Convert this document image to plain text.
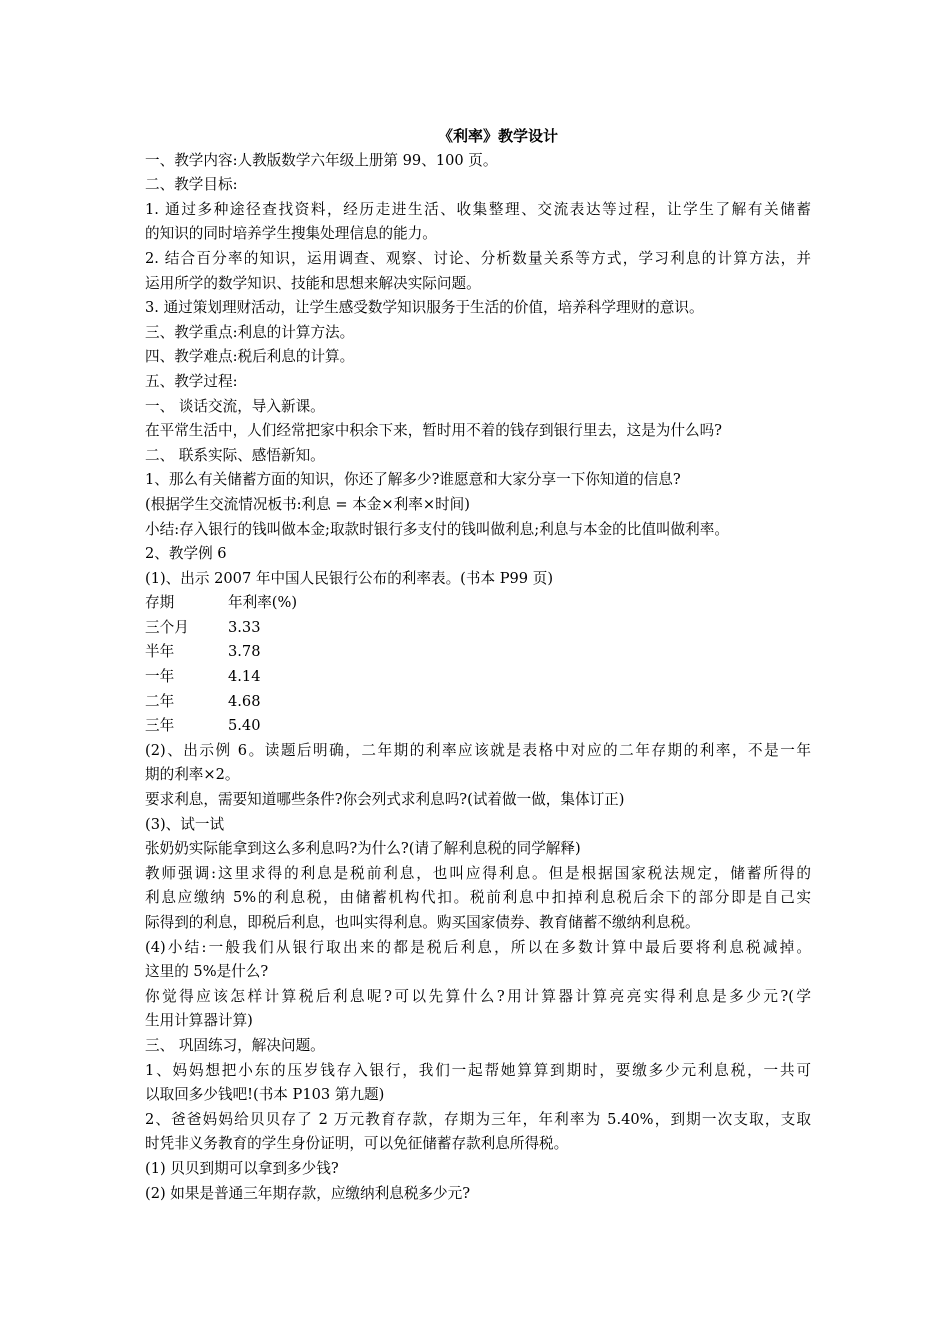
《利率》教学设计
一、教学内容:人教版数学六年级上册第 99、100 页。
二、教学目标:
1. 通过多种途径查找资料，经历走进生活、收集整理、交流表达等过程，让学生了解有关储蓄
的知识的同时培养学生搜集处理信息的能力。
2. 结合百分率的知识，运用调查、观察、讨论、分析数量关系等方式，学习利息的计算方法，并
运用所学的数学知识、技能和思想来解决实际问题。
3. 通过策划理财活动，让学生感受数学知识服务于生活的价值，培养科学理财的意识。
三、教学重点:利息的计算方法。
四、教学难点:税后利息的计算。
五、教学过程:
一、 谈话交流，导入新课。
在平常生活中，人们经常把家中积余下来，暂时用不着的钱存到银行里去，这是为什么吗?
二、 联系实际、感悟新知。
1、那么有关储蓄方面的知识，你还了解多少?谁愿意和大家分享一下你知道的信息?
(根据学生交流情况板书:利息 = 本金×利率×时间)
小结:存入银行的钱叫做本金;取款时银行多支付的钱叫做利息;利息与本金的比值叫做利率。
2、教学例 6
(1)、出示 2007 年中国人民银行公布的利率表。(书本 P99 页)
存期	年利率(%)
三个月	3.33
半年	3.78
一年	4.14
二年	4.68
三年	5.40
(2)、出示例 6。读题后明确，二年期的利率应该就是表格中对应的二年存期的利率，不是一年
期的利率×2。
要求利息，需要知道哪些条件?你会列式求利息吗?(试着做一做，集体订正)
(3)、试一试
张奶奶实际能拿到这么多利息吗?为什么?(请了解利息税的同学解释)
教师强调:这里求得的利息是税前利息，也叫应得利息。但是根据国家税法规定，储蓄所得的
利息应缴纳 5%的利息税，由储蓄机构代扣。税前利息中扣掉利息税后余下的部分即是自己实
际得到的利息，即税后利息，也叫实得利息。购买国家债券、教育储蓄不缴纳利息税。
(4)小结:一般我们从银行取出来的都是税后利息，所以在多数计算中最后要将利息税减掉。
这里的 5%是什么?
你觉得应该怎样计算税后利息呢?可以先算什么?用计算器计算亮亮实得利息是多少元?(学
生用计算器计算)
三、 巩固练习，解决问题。
1、妈妈想把小东的压岁钱存入银行，我们一起帮她算算到期时，要缴多少元利息税，一共可
以取回多少钱吧!(书本 P103 第九题)
2、爸爸妈妈给贝贝存了 2 万元教育存款，存期为三年，年利率为 5.40%，到期一次支取，支取
时凭非义务教育的学生身份证明，可以免征储蓄存款利息所得税。
(1) 贝贝到期可以拿到多少钱?
(2) 如果是普通三年期存款，应缴纳利息税多少元?
